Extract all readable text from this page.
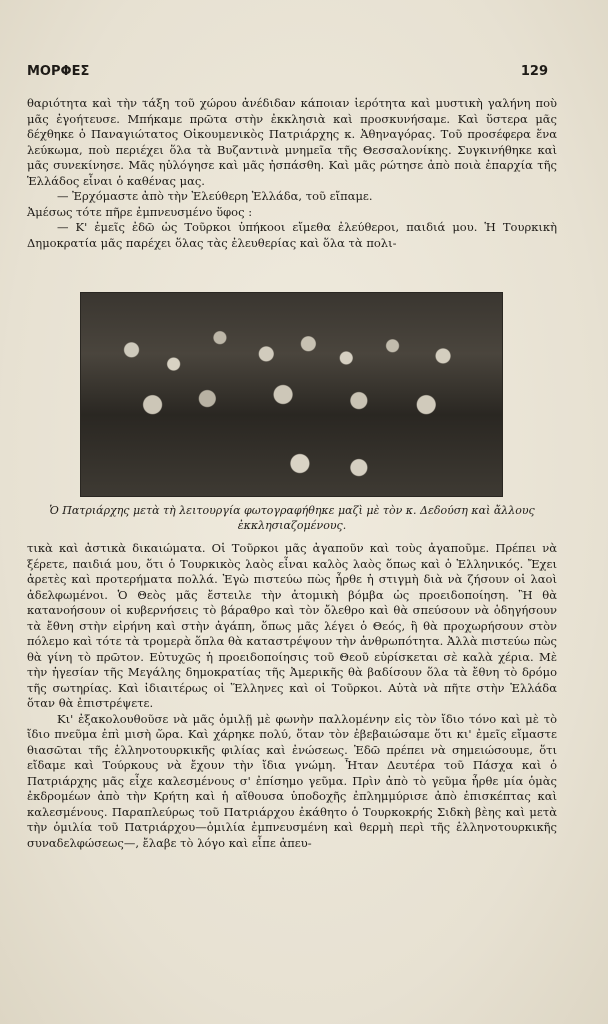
ΜΟΡΦΕΣ	129

θαριότητα καὶ τὴν τάξη τοῦ χώρου ἀνέδιδαν κάποιαν ἱερότητα καὶ μυστικὴ γαλήνη ποὺ μᾶς ἐγοήτευσε. Μπήκαμε πρῶτα στὴν ἐκκλησιὰ καὶ προσκυνήσαμε. Καὶ ὕστερα μᾶς δέχθηκε ὁ Παναγιώτατος Οἰκουμενικὸς Πατριάρχης κ. Ἀθηναγόρας. Τοῦ προσέφερα ἕνα λεύκωμα, ποὺ περιέχει ὅλα τὰ Βυζαντινὰ μνημεῖα τῆς Θεσσαλονίκης. Συγκινήθηκε καὶ μᾶς συνεκίνησε. Μᾶς ηὐλόγησε καὶ μᾶς ἠσπάσθη. Καὶ μᾶς ρώτησε ἀπὸ ποιὰ ἐπαρχία τῆς Ἑλλάδος εἶναι ὁ καθένας μας.

— Ἐρχόμαστε ἀπὸ τὴν Ἐλεύθερη Ἑλλάδα, τοῦ εἴπαμε.

Ἀμέσως τότε πῆρε ἐμπνευσμένο ὕφος :

— Κ' ἐμεῖς ἐδῶ ὡς Τοῦρκοι ὑπήκοοι εἴμεθα ἐλεύθεροι, παιδιά μου. Ἡ Τουρκικὴ Δημοκρατία μᾶς παρέχει ὅλας τὰς ἐλευθερίας καὶ ὅλα τὰ πολι-

Ὁ Πατριάρχης μετὰ τὴ λειτουργία φωτογραφήθηκε μαζὶ μὲ τὸν κ. Δεδούση καὶ ἄλλους ἐκκλησιαζομένους.

τικὰ καὶ ἀστικὰ δικαιώματα. Οἱ Τοῦρκοι μᾶς ἀγαποῦν καὶ τοὺς ἀγαποῦμε. Πρέπει νὰ ξέρετε, παιδιά μου, ὅτι ὁ Τουρκικὸς λαὸς εἶναι καλὸς λαὸς ὅπως καὶ ὁ Ἑλληνικός. Ἔχει ἀρετὲς καὶ προτερήματα πολλά. Ἐγὼ πιστεύω πὼς ἦρθε ἡ στιγμὴ διὰ νὰ ζήσουν οἱ λαοὶ ἀδελφωμένοι. Ὁ Θεὸς μᾶς ἔστειλε τὴν ἀτομικὴ βόμβα ὡς προειδοποίηση. Ἢ θὰ κατανοήσουν οἱ κυβερνήσεις τὸ βάραθρο καὶ τὸν ὄλεθρο καὶ θὰ σπεύσουν νὰ ὁδηγήσουν τὰ ἔθνη στὴν εἰρήνη καὶ στὴν ἀγάπη, ὅπως μᾶς λέγει ὁ Θεός, ἢ θὰ προχωρήσουν στὸν πόλεμο καὶ τότε τὰ τρομερὰ ὅπλα θὰ καταστρέψουν τὴν ἀνθρωπότητα. Ἀλλὰ πιστεύω πὼς θὰ γίνη τὸ πρῶτον. Εὐτυχῶς ἡ προειδοποίησις τοῦ Θεοῦ εὑρίσκεται σὲ καλὰ χέρια. Μὲ τὴν ἡγεσίαν τῆς Μεγάλης δημοκρατίας τῆς Ἀμερικῆς θὰ βαδίσουν ὅλα τὰ ἔθνη τὸ δρόμο τῆς σωτηρίας. Καὶ ἰδιαιτέρως οἱ Ἕλληνες καὶ οἱ Τοῦρκοι. Αὐτὰ νὰ πῆτε στὴν Ἑλλάδα ὅταν θὰ ἐπιστρέψετε.

Κι' ἐξακολουθοῦσε νὰ μᾶς ὁμιλῇ μὲ φωνὴν παλλομένην εἰς τὸν ἴδιο τόνο καὶ μὲ τὸ ἴδιο πνεῦμα ἐπὶ μισὴ ὥρα. Καὶ χάρηκε πολύ, ὅταν τὸν ἐβεβαιώσαμε ὅτι κι' ἐμεῖς εἴμαστε θιασῶται τῆς ἑλληνοτουρκικῆς φιλίας καὶ ἐνώσεως. Ἐδῶ πρέπει νὰ σημειώσουμε, ὅτι εἴδαμε καὶ Τούρκους νὰ ἔχουν τὴν ἴδια γνώμη. Ἦταν Δευτέρα τοῦ Πάσχα καὶ ὁ Πατριάρχης μᾶς εἶχε καλεσμένους σ' ἐπίσημο γεῦμα. Πρὶν ἀπὸ τὸ γεῦμα ἦρθε μία ὁμὰς ἐκδρομέων ἀπὸ τὴν Κρήτη καὶ ἡ αἴθουσα ὑποδοχῆς ἐπλημμύρισε ἀπὸ ἐπισκέπτας καὶ καλεσμένους. Παραπλεύρως τοῦ Πατριάρχου ἐκάθητο ὁ Τουρκοκρής Σιδκὴ βὲης καὶ μετὰ τὴν ὁμιλία τοῦ Πατριάρχου—ὁμιλία ἐμπνευσμένη καὶ θερμὴ περὶ τῆς ἑλληνοτουρκικῆς συναδελφώσεως—, ἔλαβε τὸ λόγο καὶ εἶπε ἀπευ-
